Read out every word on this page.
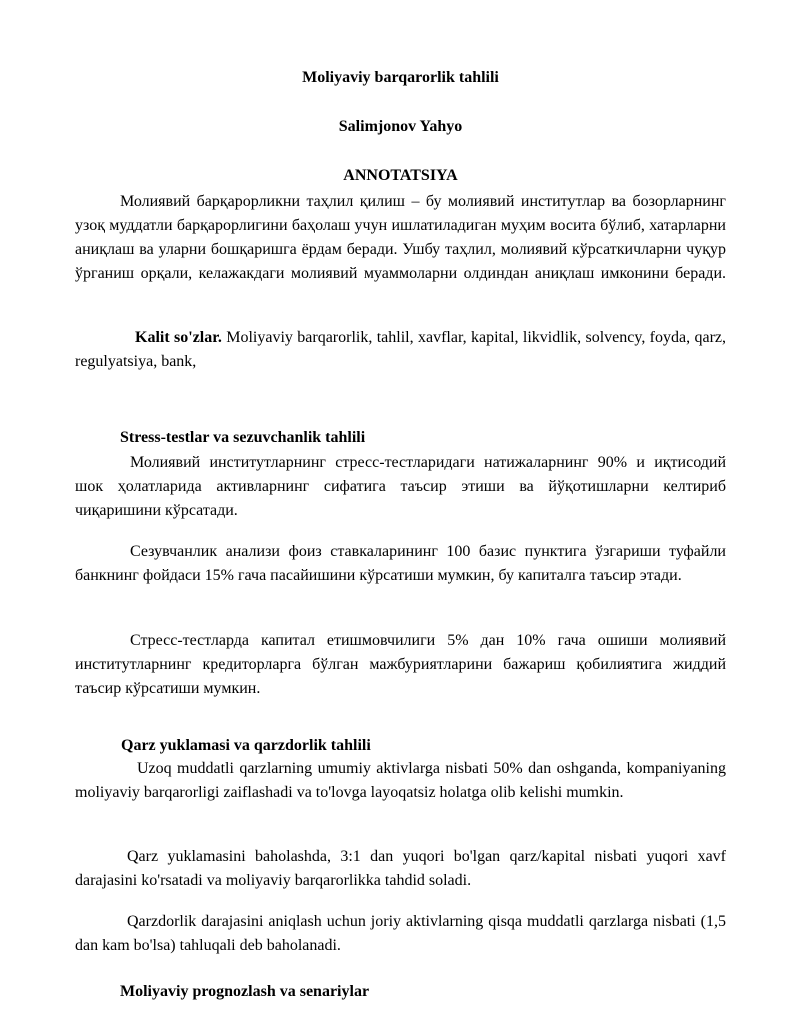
Moliyaviy barqarorlik tahlili
Salimjonov Yahyo
ANNOTATSIYA
Молиявий барқарорликни таҳлил қилиш – бу молиявий институтлар ва бозорларнинг узоқ муддатли барқарорлигини баҳолаш учун ишлатиладиган муҳим восита бўлиб, хатарларни аниқлаш ва уларни бошқаришга ёрдам беради. Ушбу таҳлил, молиявий кўрсаткичларни чуқур ўрганиш орқали, келажакдаги молиявий муаммоларни олдиндан аниқлаш имконини беради.
Kalit so'zlar. Moliyaviy barqarorlik, tahlil, xavflar, kapital, likvidlik, solvency, foyda, qarz, regulyatsiya, bank,
Stress-testlar va sezuvchanlik tahlili
Молиявий институтларнинг стресс-тестларидаги натижаларнинг 90% и иқтисодий шок ҳолатларида активларнинг сифатига таъсир этиши ва йўқотишларни келтириб чиқаришини кўрсатади.
Сезувчанлик анализи фоиз ставкаларининг 100 базис пунктига ўзгариши туфайли банкнинг фойдаси 15% гача пасайишини кўрсатиши мумкин, бу капиталга таъсир этади.
Стресс-тестларда капитал етишмовчилиги 5% дан 10% гача ошиши молиявий институтларнинг кредиторларга бўлган мажбуриятларини бажариш қобилиятига жиддий таъсир кўрсатиши мумкин.
Qarz yuklamasi va qarzdorlik tahlili
Uzoq muddatli qarzlarning umumiy aktivlarga nisbati 50% dan oshganda, kompaniyaning moliyaviy barqarorligi zaiflashadi va to'lovga layoqatsiz holatga olib kelishi mumkin.
Qarz yuklamasini baholashda, 3:1 dan yuqori bo'lgan qarz/kapital nisbati yuqori xavf darajasini ko'rsatadi va moliyaviy barqarorlikka tahdid soladi.
Qarzdorlik darajasini aniqlash uchun joriy aktivlarning qisqa muddatli qarzlarga nisbati (1,5 dan kam bo'lsa) tahluqali deb baholanadi.
Moliyaviy prognozlash va senariylar
